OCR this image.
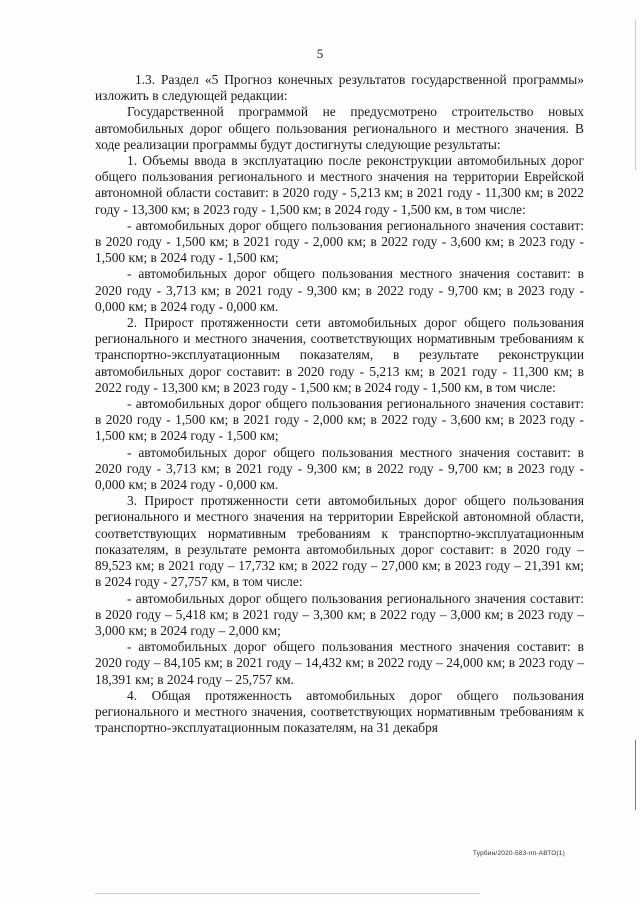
5

1.3. Раздел «5 Прогноз конечных результатов государственной программы» изложить в следующей редакции:

Государственной программой не предусмотрено строительство новых автомобильных дорог общего пользования регионального и местного значения. В ходе реализации программы будут достигнуты следующие результаты:

1. Объемы ввода в эксплуатацию после реконструкции автомобильных дорог общего пользования регионального и местного значения на территории Еврейской автономной области составит: в 2020 году - 5,213 км; в 2021 году - 11,300 км; в 2022 году - 13,300 км; в 2023 году - 1,500 км; в 2024 году - 1,500 км, в том числе:

- автомобильных дорог общего пользования регионального значения составит: в 2020 году - 1,500 км; в 2021 году - 2,000 км; в 2022 году - 3,600 км; в 2023 году - 1,500 км; в 2024 году - 1,500 км;

- автомобильных дорог общего пользования местного значения составит: в 2020 году - 3,713 км; в 2021 году - 9,300 км; в 2022 году - 9,700 км; в 2023 году - 0,000 км; в 2024 году - 0,000 км.

2. Прирост протяженности сети автомобильных дорог общего пользования регионального и местного значения, соответствующих нормативным требованиям к транспортно-эксплуатационным показателям, в результате реконструкции автомобильных дорог составит: в 2020 году - 5,213 км; в 2021 году - 11,300 км; в 2022 году - 13,300 км; в 2023 году - 1,500 км; в 2024 году - 1,500 км, в том числе:

- автомобильных дорог общего пользования регионального значения составит: в 2020 году - 1,500 км; в 2021 году - 2,000 км; в 2022 году - 3,600 км; в 2023 году - 1,500 км; в 2024 году - 1,500 км;

- автомобильных дорог общего пользования местного значения составит: в 2020 году - 3,713 км; в 2021 году - 9,300 км; в 2022 году - 9,700 км; в 2023 году - 0,000 км; в 2024 году - 0,000 км.

3. Прирост протяженности сети автомобильных дорог общего пользования регионального и местного значения на территории Еврейской автономной области, соответствующих нормативным требованиям к транспортно-эксплуатационным показателям, в результате ремонта автомобильных дорог составит: в 2020 году – 89,523 км; в 2021 году – 17,732 км; в 2022 году – 27,000 км; в 2023 году – 21,391 км; в 2024 году - 27,757 км, в том числе:

- автомобильных дорог общего пользования регионального значения составит: в 2020 году – 5,418 км; в 2021 году – 3,300 км; в 2022 году – 3,000 км; в 2023 году – 3,000 км; в 2024 году – 2,000 км;

- автомобильных дорог общего пользования местного значения составит: в 2020 году – 84,105 км; в 2021 году – 14,432 км; в 2022 году – 24,000 км; в 2023 году – 18,391 км; в 2024 году – 25,757 км.

4. Общая протяженность автомобильных дорог общего пользования регионального и местного значения, соответствующих нормативным требованиям к транспортно-эксплуатационным показателям, на 31 декабря

Турбин/2020-583-пп-АВТО(1)
